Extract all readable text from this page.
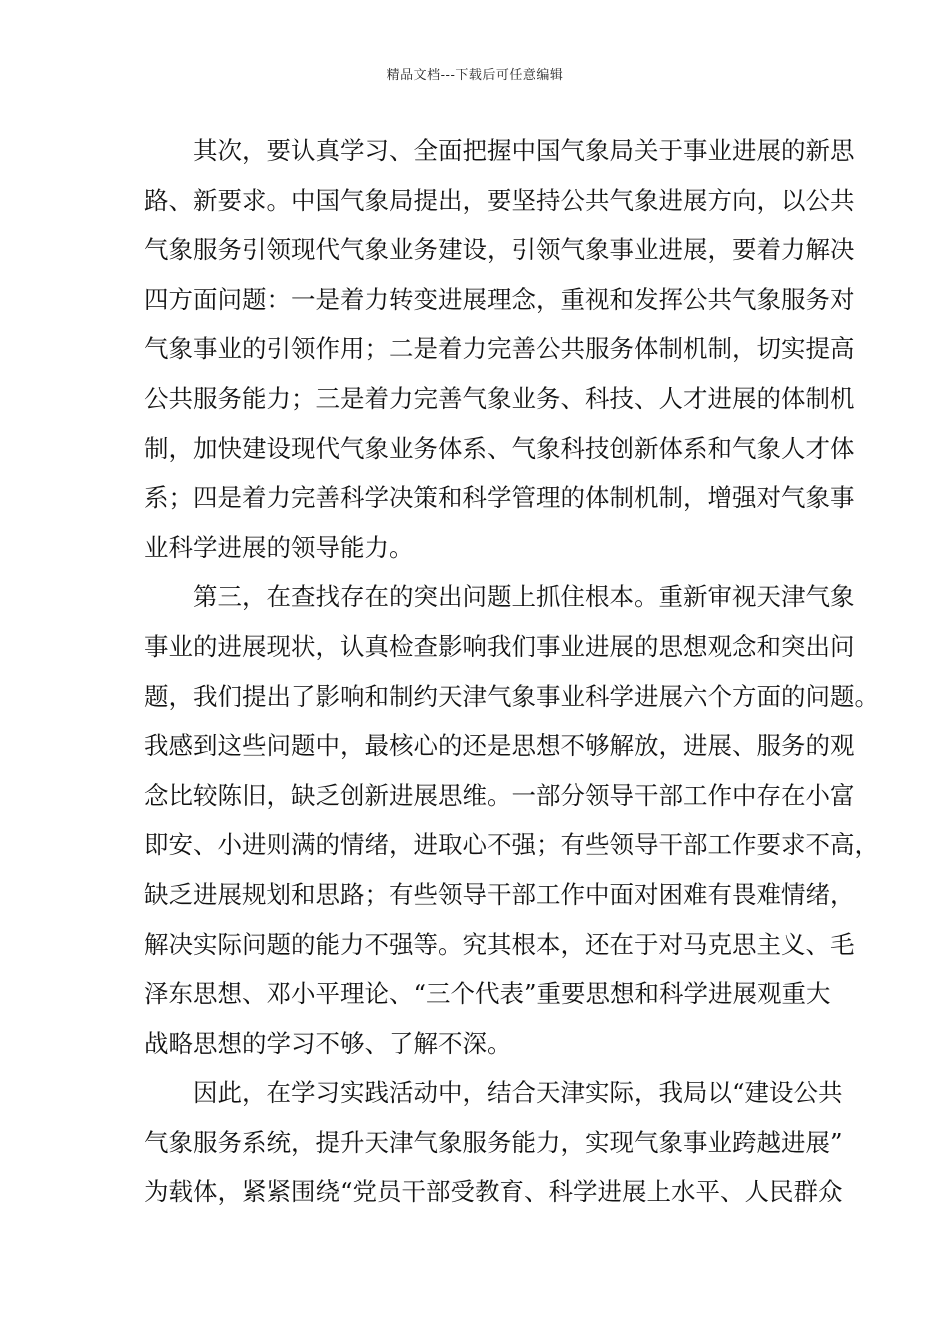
精品文档---下载后可任意编辑
其次，要认真学习、全面把握中国气象局关于事业进展的新思
路、新要求。中国气象局提出，要坚持公共气象进展方向，以公共
气象服务引领现代气象业务建设，引领气象事业进展，要着力解决
四方面问题：一是着力转变进展理念，重视和发挥公共气象服务对
气象事业的引领作用；二是着力完善公共服务体制机制，切实提高
公共服务能力；三是着力完善气象业务、科技、人才进展的体制机
制，加快建设现代气象业务体系、气象科技创新体系和气象人才体
系；四是着力完善科学决策和科学管理的体制机制，增强对气象事
业科学进展的领导能力。
第三，在查找存在的突出问题上抓住根本。重新审视天津气象
事业的进展现状，认真检查影响我们事业进展的思想观念和突出问
题，我们提出了影响和制约天津气象事业科学进展六个方面的问题。
我感到这些问题中，最核心的还是思想不够解放，进展、服务的观
念比较陈旧，缺乏创新进展思维。一部分领导干部工作中存在小富
即安、小进则满的情绪，进取心不强；有些领导干部工作要求不高，
缺乏进展规划和思路；有些领导干部工作中面对困难有畏难情绪，
解决实际问题的能力不强等。究其根本，还在于对马克思主义、毛
泽东思想、邓小平理论、“三个代表”重要思想和科学进展观重大
战略思想的学习不够、了解不深。
因此，在学习实践活动中，结合天津实际，我局以“建设公共
气象服务系统，提升天津气象服务能力，实现气象事业跨越进展”
为载体，紧紧围绕“党员干部受教育、科学进展上水平、人民群众
